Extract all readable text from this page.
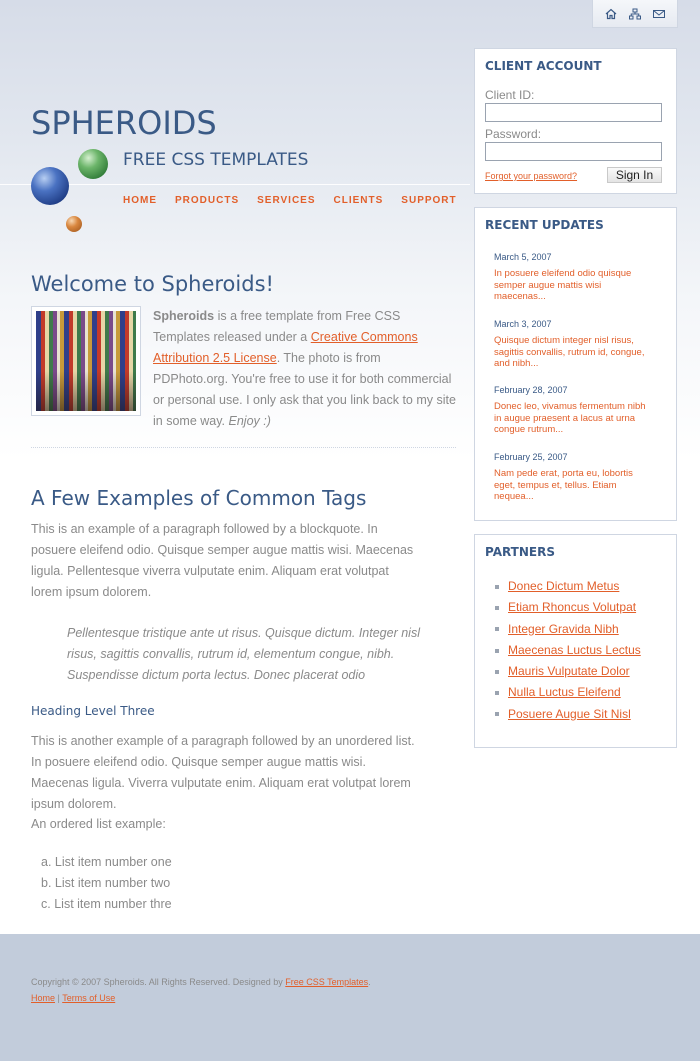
SPHEROIDS
FREE CSS TEMPLATES
HOME PRODUCTS SERVICES CLIENTS SUPPORT
Welcome to Spheroids!

Spheroids is a free template from Free CSS Templates released under a Creative Commons Attribution 2.5 License. The photo is from PDPhoto.org. You're free to use it for both commercial or personal use. I only ask that you link back to my site in some way. Enjoy :)

A Few Examples of Common Tags

This is an example of a paragraph followed by a blockquote. In posuere eleifend odio. Quisque semper augue mattis wisi. Maecenas ligula. Pellentesque viverra vulputate enim. Aliquam erat volutpat lorem ipsum dolorem.

Pellentesque tristique ante ut risus. Quisque dictum. Integer nisl risus, sagittis convallis, rutrum id, elementum congue, nibh. Suspendisse dictum porta lectus. Donec placerat odio
Heading Level Three

This is another example of a paragraph followed by an unordered list. In posuere eleifend odio. Quisque semper augue mattis wisi. Maecenas ligula. Viverra vulputate enim. Aliquam erat volutpat lorem ipsum dolorem.

An ordered list example:

a. List item number one
b. List item number two
c. List item number thre
CLIENT ACCOUNT
Client ID:
Password:
Forgot your password?	Sign In
RECENT UPDATES
March 5, 2007
In posuere eleifend odio quisque semper augue mattis wisi maecenas...
March 3, 2007
Quisque dictum integer nisl risus, sagittis convallis, rutrum id, congue, and nibh...
February 28, 2007
Donec leo, vivamus fermentum nibh in augue praesent a lacus at urna congue rutrum...
February 25, 2007
Nam pede erat, porta eu, lobortis eget, tempus et, tellus. Etiam nequea...
PARTNERS
Donec Dictum Metus
Etiam Rhoncus Volutpat
Integer Gravida Nibh
Maecenas Luctus Lectus
Mauris Vulputate Dolor
Nulla Luctus Eleifend
Posuere Augue Sit Nisl
Copyright © 2007 Spheroids. All Rights Reserved. Designed by Free CSS Templates.
Home | Terms of Use
